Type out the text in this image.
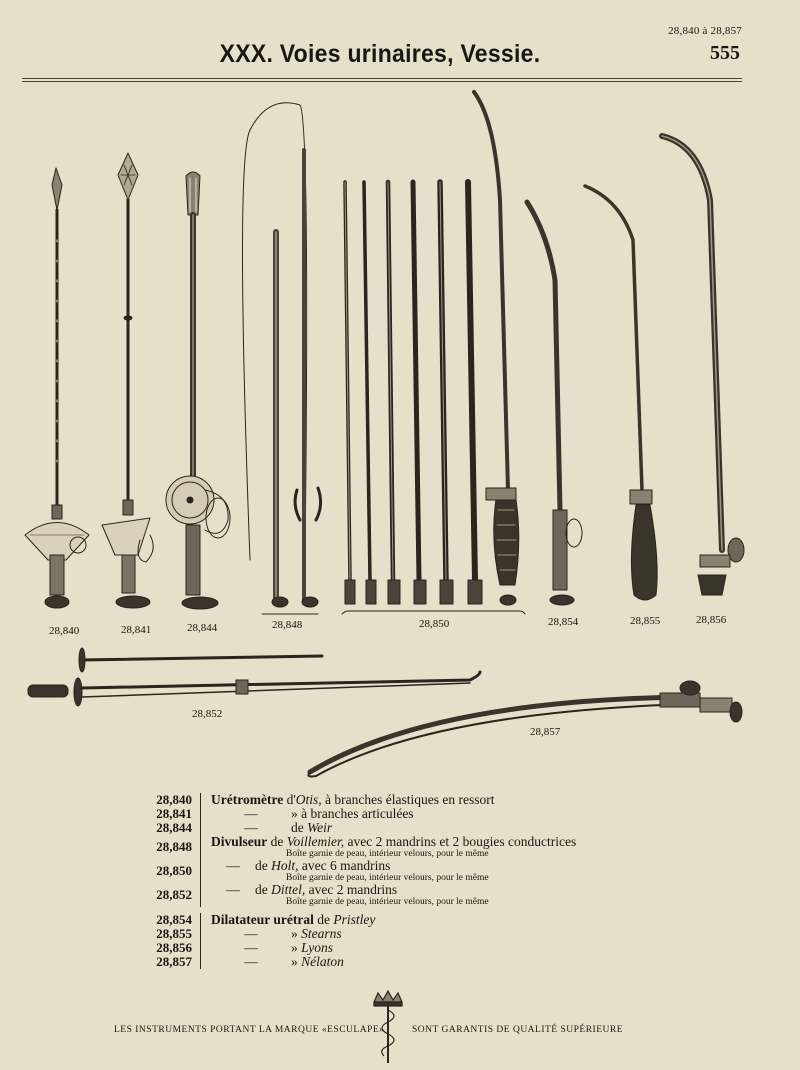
28,840 à 28,857
555
XXX. Voies urinaires, Vessie.
28,840	28,841	28,844	28,848	28,850	28,854	28,855	28,856
28,852
28,857
28,840	Urétromètre d'Otis, à branches élastiques en ressort
28,841	— » à branches articulées
28,844	— de Weir
28,848	Divulseur de Voillemier, avec 2 mandrins et 2 bougies conductrices
Boîte garnie de peau, intérieur velours, pour le même
28,850	— de Holt, avec 6 mandrins
Boîte garnie de peau, intérieur velours, pour le même
28,852	— de Dittel, avec 2 mandrins
Boîte garnie de peau, intérieur velours, pour le même
28,854	Dilatateur urétral de Pristley
28,855	— » Stearns
28,856	— » Lyons
28,857	— » Nélaton
LES INSTRUMENTS PORTANT LA MARQUE «ESCULAPE»	SONT GARANTIS DE QUALITÉ SUPÉRIEURE
